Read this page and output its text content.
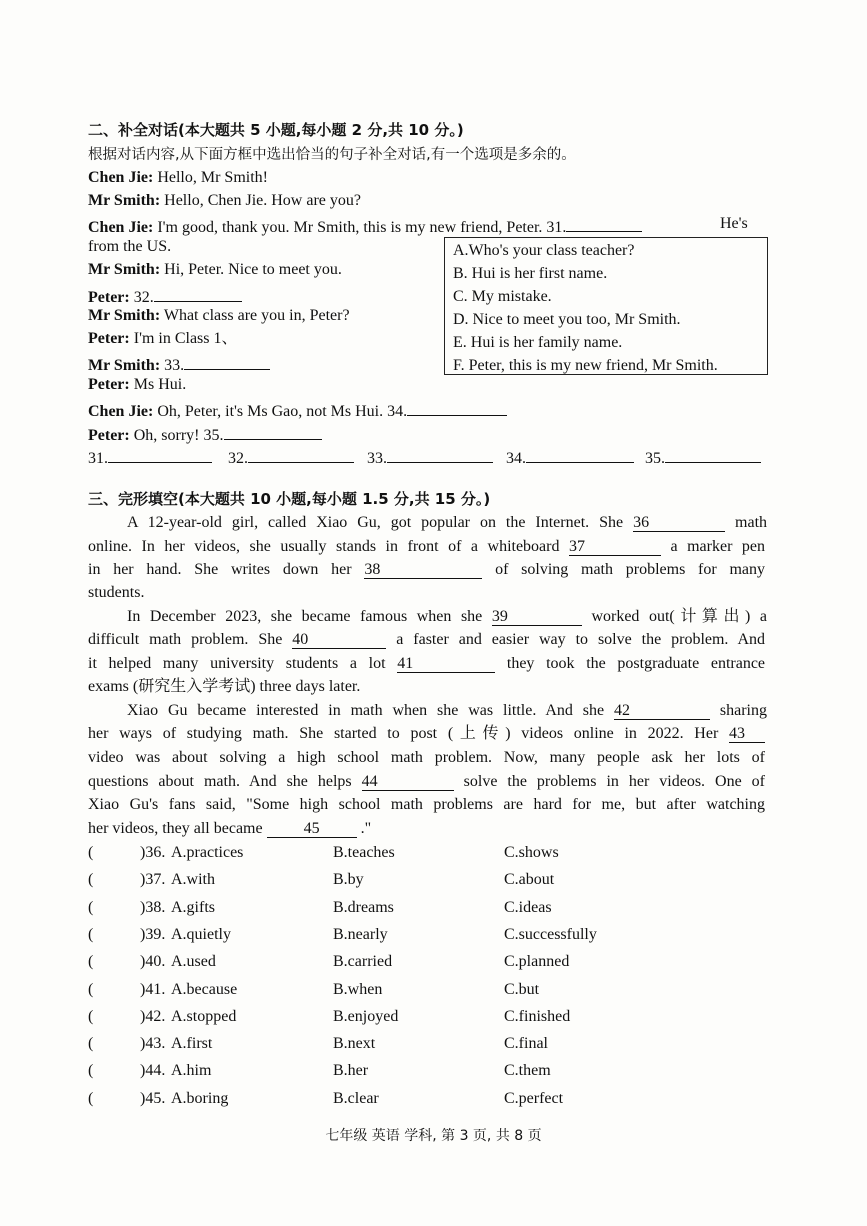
二、补全对话(本大题共 5 小题,每小题 2 分,共 10 分。)
根据对话内容,从下面方框中选出恰当的句子补全对话,有一个选项是多余的。
Chen Jie: Hello, Mr Smith!
Mr Smith: Hello, Chen Jie. How are you?
Chen Jie: I'm good, thank you. Mr Smith, this is my new friend, Peter. 31.	He's
from the US.
Mr Smith: Hi, Peter. Nice to meet you.
Peter: 32.
Mr Smith: What class are you in, Peter?
Peter: I'm in Class 1、
Mr Smith: 33.
Peter: Ms Hui.
Chen Jie: Oh, Peter, it's Ms Gao, not Ms Hui. 34.
Peter: Oh, sorry! 35.
A.Who's your class teacher?
B. Hui is her first name.
C. My mistake.
D. Nice to meet you too, Mr Smith.
E. Hui is her family name.
F. Peter, this is my new friend, Mr Smith.
31.	32.	33.	34.	35.
三、完形填空(本大题共 10 小题,每小题 1.5 分,共 15 分。)
A 12-year-old girl, called Xiao Gu, got popular on the Internet. She 36	math
online. In her videos, she usually stands in front of a whiteboard 37	a marker pen
in her hand. She writes down her 38	of solving math problems for many
students.
In December 2023, she became famous when she 39	worked out(计算出) a
difficult math problem. She 40	a faster and easier way to solve the problem. And
it helped many university students a lot 41	they took the postgraduate entrance
exams (研究生入学考试) three days later.
Xiao Gu became interested in math when she was little. And she 42	sharing
her ways of studying math. She started to post (上传) videos online in 2022. Her 43
video was about solving a high school math problem. Now, many people ask her lots of
questions about math. And she helps 44	solve the problems in her videos. One of
Xiao Gu's fans said, "Some high school math problems are hard for me, but after watching
her videos, they all became	45	."
(	)36. A.practices	B.teaches	C.shows
(	)37. A.with	B.by	C.about
(	)38. A.gifts	B.dreams	C.ideas
(	)39. A.quietly	B.nearly	C.successfully
(	)40. A.used	B.carried	C.planned
(	)41. A.because	B.when	C.but
(	)42. A.stopped	B.enjoyed	C.finished
(	)43. A.first	B.next	C.final
(	)44. A.him	B.her	C.them
(	)45. A.boring	B.clear	C.perfect
七年级 英语 学科, 第 3 页, 共 8 页
